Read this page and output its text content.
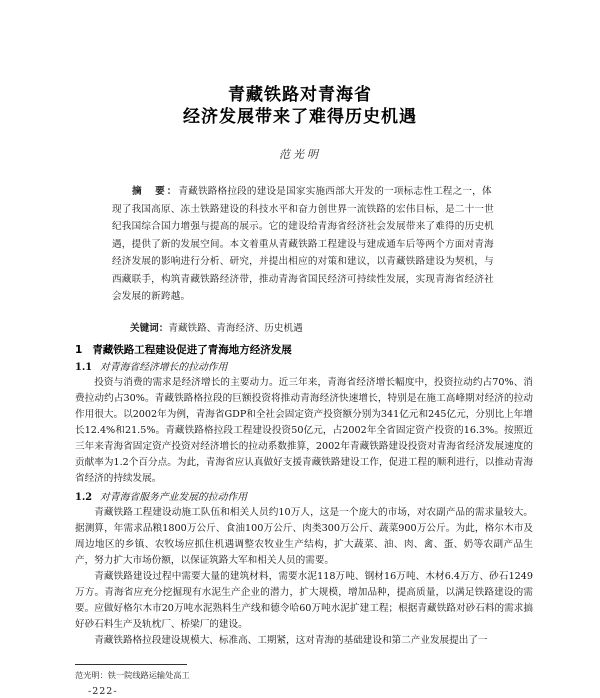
青藏铁路对青海省
经济发展带来了难得历史机遇
范光明
摘　要：青藏铁路格拉段的建设是国家实施西部大开发的一项标志性工程之一，体现了我国高原、冻土铁路建设的科技水平和奋力创世界一流铁路的宏伟目标，是二十一世纪我国综合国力增强与提高的展示。它的建设给青海省经济社会发展带来了难得的历史机遇，提供了新的发展空间。本文着重从青藏铁路工程建设与建成通车后等两个方面对青海经济发展的影响进行分析、研究，并提出相应的对策和建议，以青藏铁路建设为契机，与西藏联手，构筑青藏铁路经济带，推动青海省国民经济可持续性发展，实现青海省经济社会发展的新跨越。
关键词：青藏铁路、青海经济、历史机遇
1 青藏铁路工程建设促进了青海地方经济发展
1.1 对青海省经济增长的拉动作用
投资与消费的需求是经济增长的主要动力。近三年来，青海省经济增长幅度中，投资拉动约占70%、消费拉动约占30%。青藏铁路格拉段的巨额投资将推动青海经济快速增长，特别是在施工高峰期对经济的拉动作用很大。以2002年为例，青海省GDP和全社会固定资产投资额分别为341亿元和245亿元，分别比上年增长12.4%和21.5%。青藏铁路格拉段工程建设投资50亿元，占2002年全省固定资产投资的16.3%。按照近三年来青海省固定资产投资对经济增长的拉动系数推算，2002年青藏铁路建设投资对青海省经济发展速度的贡献率为1.2个百分点。为此，青海省应认真做好支援青藏铁路建设工作，促进工程的顺利进行，以推动青海省经济的持续发展。
1.2 对青海省服务产业发展的拉动作用
青藏铁路工程建设动施工队伍和相关人员约10万人，这是一个庞大的市场，对农副产品的需求量较大。据测算，年需求品粮1800万公斤、食油100万公斤、肉类300万公斤、蔬菜900万公斤。为此，格尔木市及周边地区的乡镇、农牧场应抓住机遇调整农牧业生产结构，扩大蔬菜、油、肉、禽、蛋、奶等农副产品生产，努力扩大市场份额，以保证筑路大军和相关人员的需要。
青藏铁路建设过程中需要大量的建筑材料，需要水泥118万吨、钢材16万吨、木材6.4万方、砂石1249万方。青海省应充分挖掘现有水泥生产企业的潜力，扩大规模，增加品种，提高质量，以满足铁路建设的需要。应做好格尔木市20万吨水泥熟料生产线和德令哈60万吨水泥扩建工程；根据青藏铁路对砂石料的需求搞好砂石料生产及轨枕厂、桥梁厂的建设。
青藏铁路格拉段建设规模大、标准高、工期紧，这对青海的基础建设和第二产业发展提出了一
范光明：铁一院线路运输处高工
-222-
